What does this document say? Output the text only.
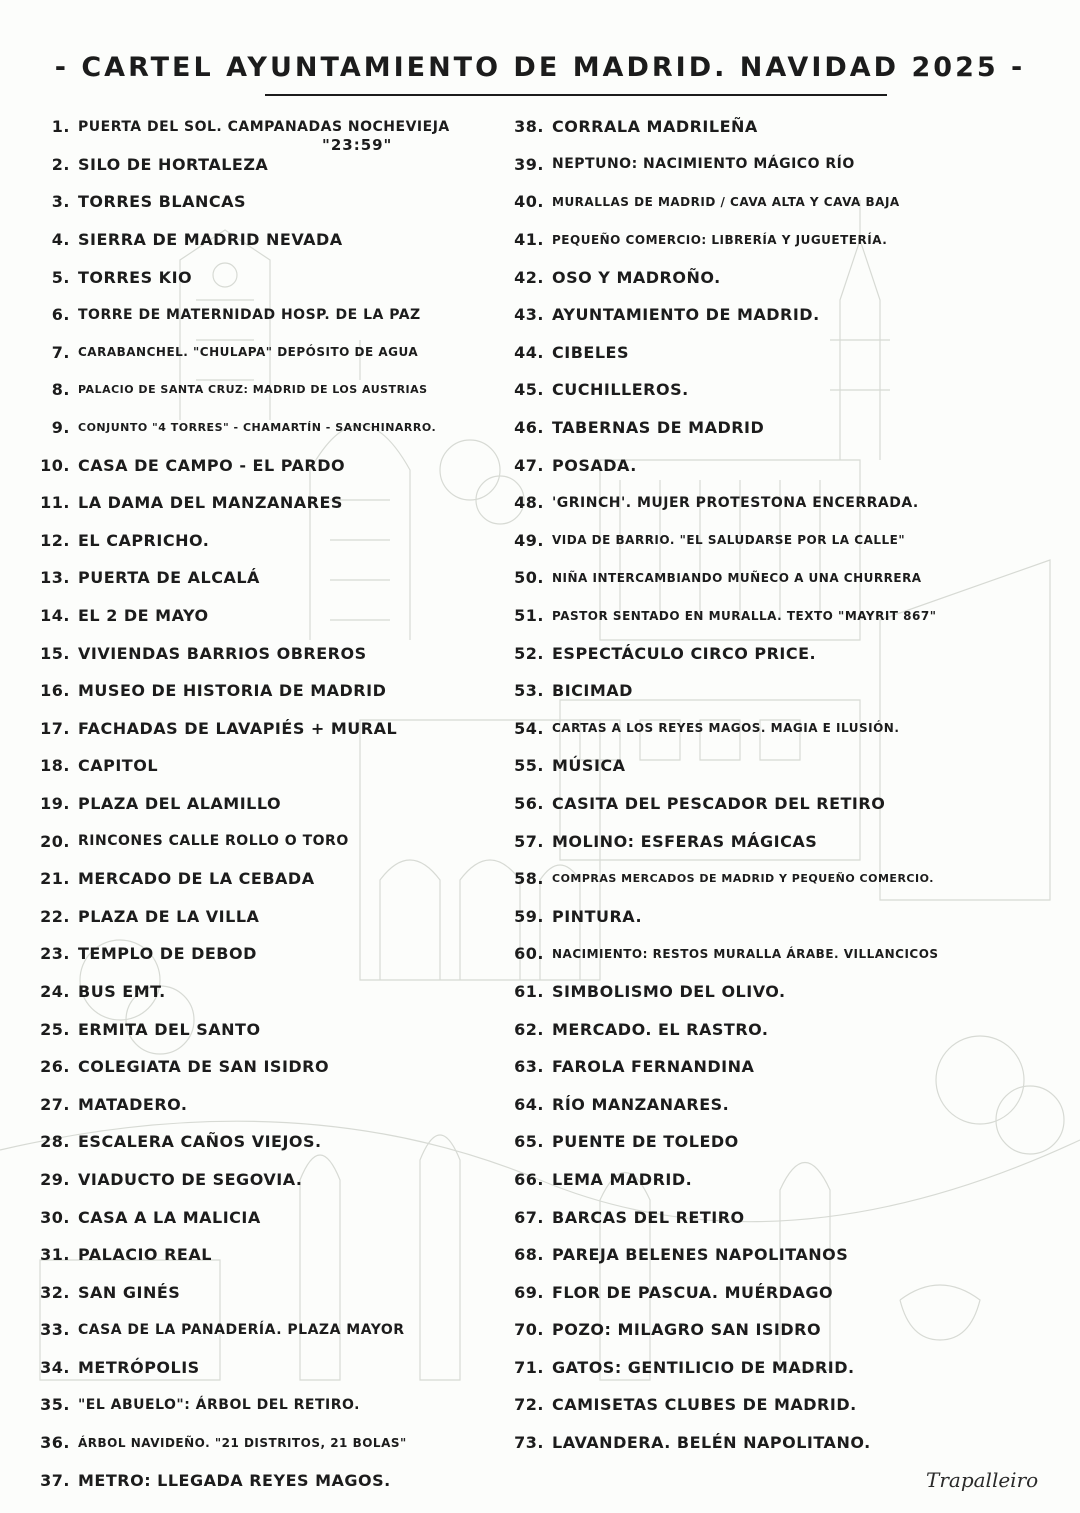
- CARTEL AYUNTAMIENTO DE MADRID. NAVIDAD 2025 -
"23:59"
1. PUERTA DEL SOL. CAMPANADAS NOCHEVIEJA
2. SILO DE HORTALEZA
3. TORRES BLANCAS
4. SIERRA DE MADRID NEVADA
5. TORRES KIO
6. TORRE DE MATERNIDAD HOSP. DE LA PAZ
7. CARABANCHEL. "CHULAPA" DEPÓSITO DE AGUA
8. PALACIO DE SANTA CRUZ: MADRID DE LOS AUSTRIAS
9. CONJUNTO "4 TORRES" - CHAMARTÍN - SANCHINARRO.
10. CASA DE CAMPO - EL PARDO
11. LA DAMA DEL MANZANARES
12. EL CAPRICHO.
13. PUERTA DE ALCALÁ
14. EL 2 DE MAYO
15. VIVIENDAS BARRIOS OBREROS
16. MUSEO DE HISTORIA DE MADRID
17. FACHADAS DE LAVAPIÉS + MURAL
18. CAPITOL
19. PLAZA DEL ALAMILLO
20. RINCONES CALLE ROLLO O TORO
21. MERCADO DE LA CEBADA
22. PLAZA DE LA VILLA
23. TEMPLO DE DEBOD
24. BUS EMT.
25. ERMITA DEL SANTO
26. COLEGIATA DE SAN ISIDRO
27. MATADERO.
28. ESCALERA CAÑOS VIEJOS.
29. VIADUCTO DE SEGOVIA.
30. CASA A LA MALICIA
31. PALACIO REAL
32. SAN GINÉS
33. CASA DE LA PANADERÍA. PLAZA MAYOR
34. METRÓPOLIS
35. "EL ABUELO": ÁRBOL DEL RETIRO.
36. ÁRBOL NAVIDEÑO. "21 DISTRITOS, 21 BOLAS"
37. METRO: LLEGADA REYES MAGOS.
38. CORRALA MADRILEÑA
39. NEPTUNO: NACIMIENTO MÁGICO RÍO
40. MURALLAS DE MADRID / CAVA ALTA Y CAVA BAJA
41. PEQUEÑO COMERCIO: LIBRERÍA Y JUGUETERÍA.
42. OSO Y MADROÑO.
43. AYUNTAMIENTO DE MADRID.
44. CIBELES
45. CUCHILLEROS.
46. TABERNAS DE MADRID
47. POSADA.
48. 'GRINCH'. MUJER PROTESTONA ENCERRADA.
49. VIDA DE BARRIO. "EL SALUDARSE POR LA CALLE"
50. NIÑA INTERCAMBIANDO MUÑECO A UNA CHURRERA
51. PASTOR SENTADO EN MURALLA. TEXTO "MAYRIT 867"
52. ESPECTÁCULO CIRCO PRICE.
53. BICIMAD
54. CARTAS A LOS REYES MAGOS. MAGIA E ILUSIÓN.
55. MÚSICA
56. CASITA DEL PESCADOR DEL RETIRO
57. MOLINO: ESFERAS MÁGICAS
58. COMPRAS MERCADOS DE MADRID Y PEQUEÑO COMERCIO.
59. PINTURA.
60. NACIMIENTO: RESTOS MURALLA ÁRABE. VILLANCICOS
61. SIMBOLISMO DEL OLIVO.
62. MERCADO. EL RASTRO.
63. FAROLA FERNANDINA
64. RÍO MANZANARES.
65. PUENTE DE TOLEDO
66. LEMA MADRID.
67. BARCAS DEL RETIRO
68. PAREJA BELENES NAPOLITANOS
69. FLOR DE PASCUA. MUÉRDAGO
70. POZO: MILAGRO SAN ISIDRO
71. GATOS: GENTILICIO DE MADRID.
72. CAMISETAS CLUBES DE MADRID.
73. LAVANDERA. BELÉN NAPOLITANO.
Trapalleiro
